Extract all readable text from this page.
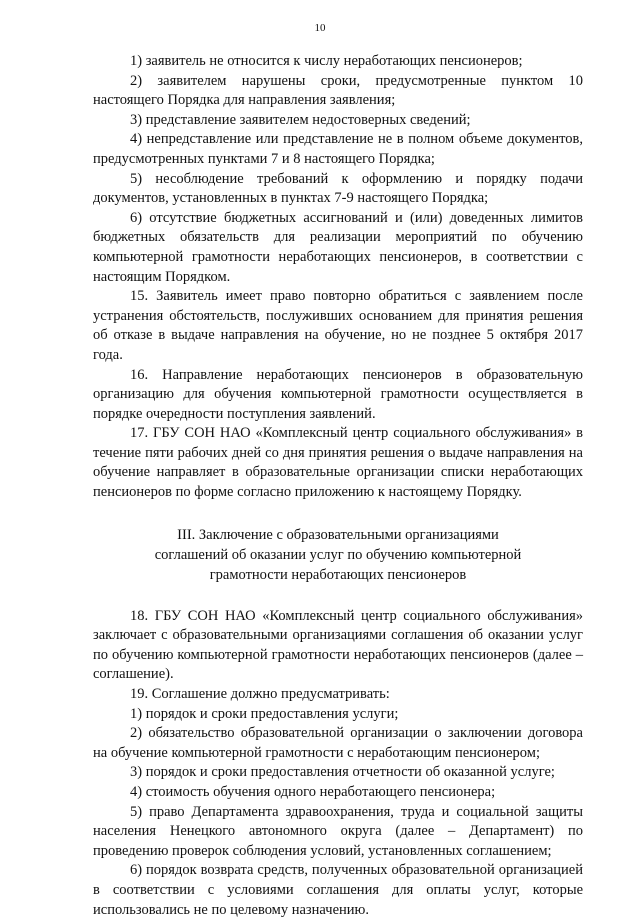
10

1) заявитель не относится к числу неработающих пенсионеров;

2) заявителем нарушены сроки, предусмотренные пунктом 10 настоящего Порядка для направления заявления;

3) представление заявителем недостоверных сведений;

4) непредставление или представление не в полном объеме документов, предусмотренных пунктами 7 и 8 настоящего Порядка;

5) несоблюдение требований к оформлению и порядку подачи документов, установленных в пунктах 7-9 настоящего Порядка;

6) отсутствие бюджетных ассигнований и (или) доведенных лимитов бюджетных обязательств для реализации мероприятий по обучению компьютерной грамотности неработающих пенсионеров, в соответствии с настоящим Порядком.

15. Заявитель имеет право повторно обратиться с заявлением после устранения обстоятельств, послуживших основанием для принятия решения об отказе в выдаче направления на обучение, но не позднее 5 октября 2017 года.

16. Направление неработающих пенсионеров в образовательную организацию для обучения компьютерной грамотности осуществляется в порядке очередности поступления заявлений.

17. ГБУ СОН НАО «Комплексный центр социального обслуживания» в течение пяти рабочих дней со дня принятия решения о выдаче направления на обучение направляет в образовательные организации списки неработающих пенсионеров по форме согласно приложению к настоящему Порядку.

III. Заключение с образовательными организациями
соглашений об оказании услуг по обучению компьютерной
грамотности неработающих пенсионеров

18. ГБУ СОН НАО «Комплексный центр социального обслуживания» заключает с образовательными организациями соглашения об оказании услуг по обучению компьютерной грамотности неработающих пенсионеров (далее – соглашение).

19. Соглашение должно предусматривать:

1) порядок и сроки предоставления услуги;

2) обязательство образовательной организации о заключении договора на обучение компьютерной грамотности с неработающим пенсионером;

3) порядок и сроки предоставления отчетности об оказанной услуге;

4) стоимость обучения одного неработающего пенсионера;

5) право Департамента здравоохранения, труда и социальной защиты населения Ненецкого автономного округа (далее – Департамент) по проведению проверок соблюдения условий, установленных соглашением;

6) порядок возврата средств, полученных образовательной организацией в соответствии с условиями соглашения для оплаты услуг, которые использовались не по целевому назначению.
